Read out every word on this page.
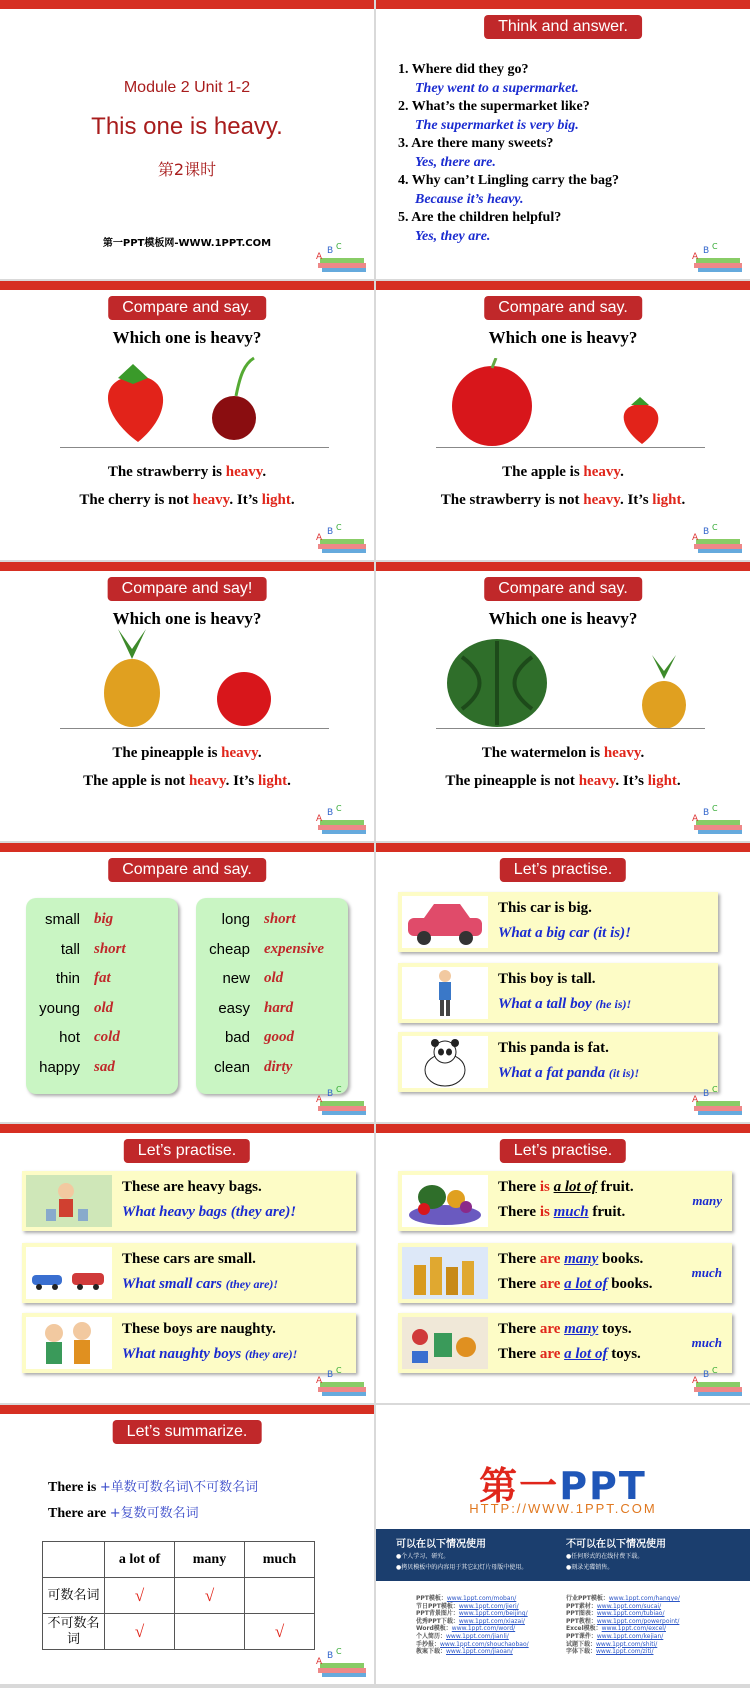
Module 2 Unit 1-2
This one is heavy.
第2课时
第一PPT模板网-WWW.1PPT.COM
A
B C
Think and answer.
1. Where did they go?
They went to a supermarket.
2. What’s the supermarket like?
The supermarket is very big.
3. Are there many sweets?
Yes, there are.
4. Why can’t Lingling carry the bag?
Because it’s heavy.
5. Are the children helpful?
Yes, they are.
A
B C
Compare and say.
Which one is heavy?
The strawberry is heavy.
The cherry is not heavy. It’s light.
A
B C
Compare and say.
Which one is heavy?
The apple is heavy.
The strawberry is not heavy. It’s light.
A
B C
Compare and say!
Which one is heavy?
The pineapple is heavy.
The apple is not heavy. It’s light.
A
B C
Compare and say.
Which one is heavy?
The watermelon is heavy.
The pineapple is not heavy. It’s light.
A
B C
Compare and say.
small big
tall short
thin fat
young old
hot cold
happy sad
long short
cheap expensive
new old
easy hard
bad good
clean dirty
A
B C
Let’s practise.
This car is big.
What a big car (it is)!
This boy is tall.
What a tall boy (he is)!
This panda is fat.
What a fat panda (it is)!
A
B C
Let’s practise.
These are heavy bags.
What heavy bags (they are)!
These cars are small.
What small cars (they are)!
These boys are naughty.
What naughty boys (they are)!
A
B C
Let’s practise.
There is a lot of fruit.
There is much fruit.
many
There are many books.
There are a lot of books.
much
There are many toys.
There are a lot of toys.
much
A
B C
Let’s summarize.
There is +单数可数名词\不可数名词
There are +复数可数名词
	a lot of	many	much
可数名词	√	√	
不可数名词	√		√
A
B C
第一PPT
HTTP://WWW.1PPT.COM
可以在以下情况使用
●个人学习、研究。
●拷贝模板中的内容用于其它幻灯片母版中使用。
不可以在以下情况使用
●任何形式的在线付费下载。
●刻录光碟销售。
PPT模板：www.1ppt.com/moban/
节日PPT模板：www.1ppt.com/jieri/
PPT背景图片：www.1ppt.com/beijing/
优秀PPT下载：www.1ppt.com/xiazai/
Word模板：www.1ppt.com/word/
个人简历：www.1ppt.com/jianli/
手抄报：www.1ppt.com/shouchaobao/
教案下载：www.1ppt.com/jiaoan/
行业PPT模板：www.1ppt.com/hangye/
PPT素材：www.1ppt.com/sucai/
PPT图表：www.1ppt.com/tubiao/
PPT教程：www.1ppt.com/powerpoint/
Excel模板：www.1ppt.com/excel/
PPT课件：www.1ppt.com/kejian/
试题下载：www.1ppt.com/shiti/
字体下载：www.1ppt.com/ziti/
